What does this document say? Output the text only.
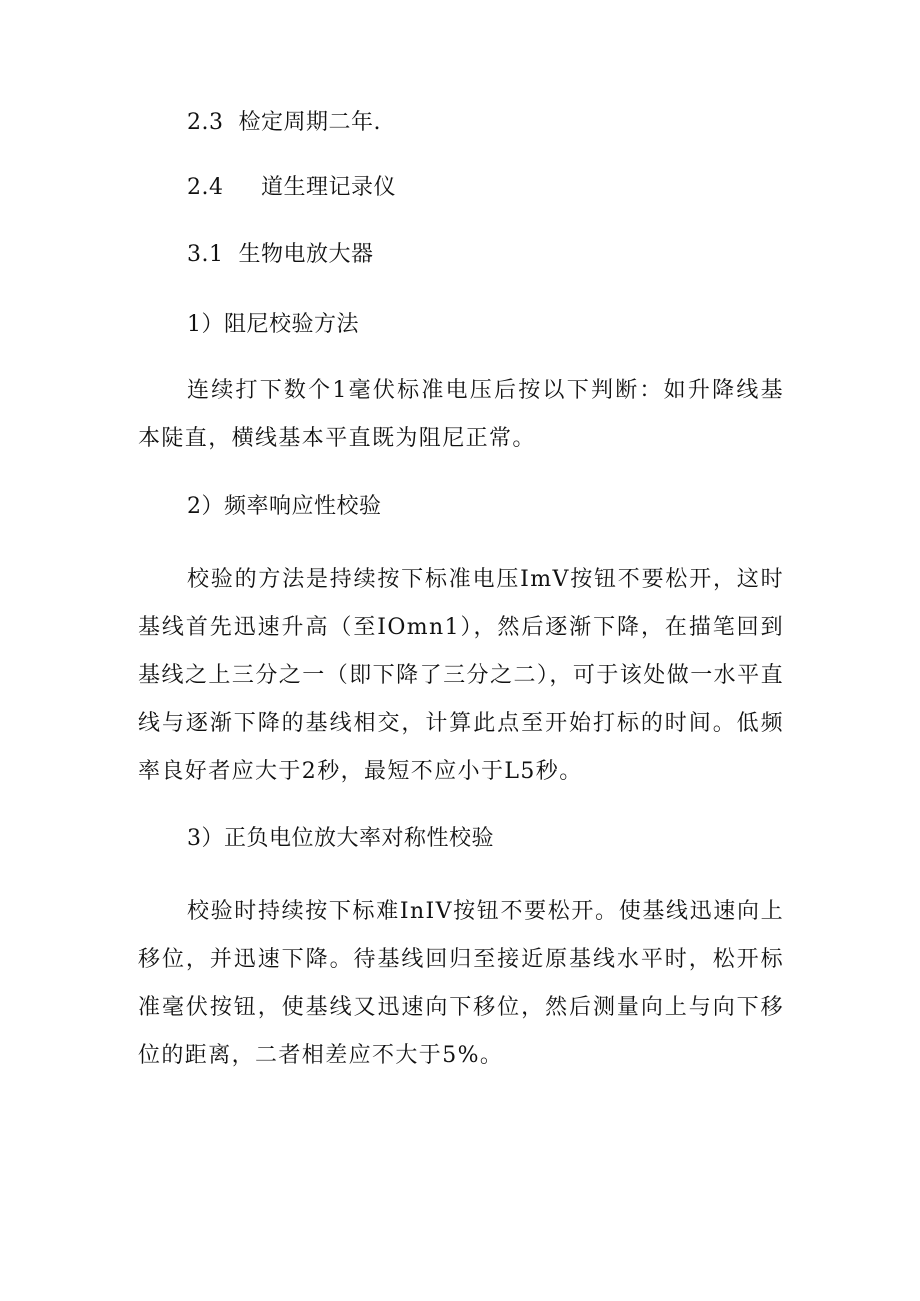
2.3  检定周期二年.
2.4     道生理记录仪
3.1  生物电放大器
1）阻尼校验方法
连续打下数个1毫伏标准电压后按以下判断：如升降线基本陡直，横线基本平直既为阻尼正常。
2）频率响应性校验
校验的方法是持续按下标准电压ImV按钮不要松开，这时基线首先迅速升高（至IOmn1），然后逐渐下降，在描笔回到基线之上三分之一（即下降了三分之二），可于该处做一水平直线与逐渐下降的基线相交，计算此点至开始打标的时间。低频率良好者应大于2秒，最短不应小于L5秒。
3）正负电位放大率对称性校验
校验时持续按下标难InIV按钮不要松开。使基线迅速向上移位，并迅速下降。待基线回归至接近原基线水平时，松开标准毫伏按钮，使基线又迅速向下移位，然后测量向上与向下移位的距离，二者相差应不大于5%。
